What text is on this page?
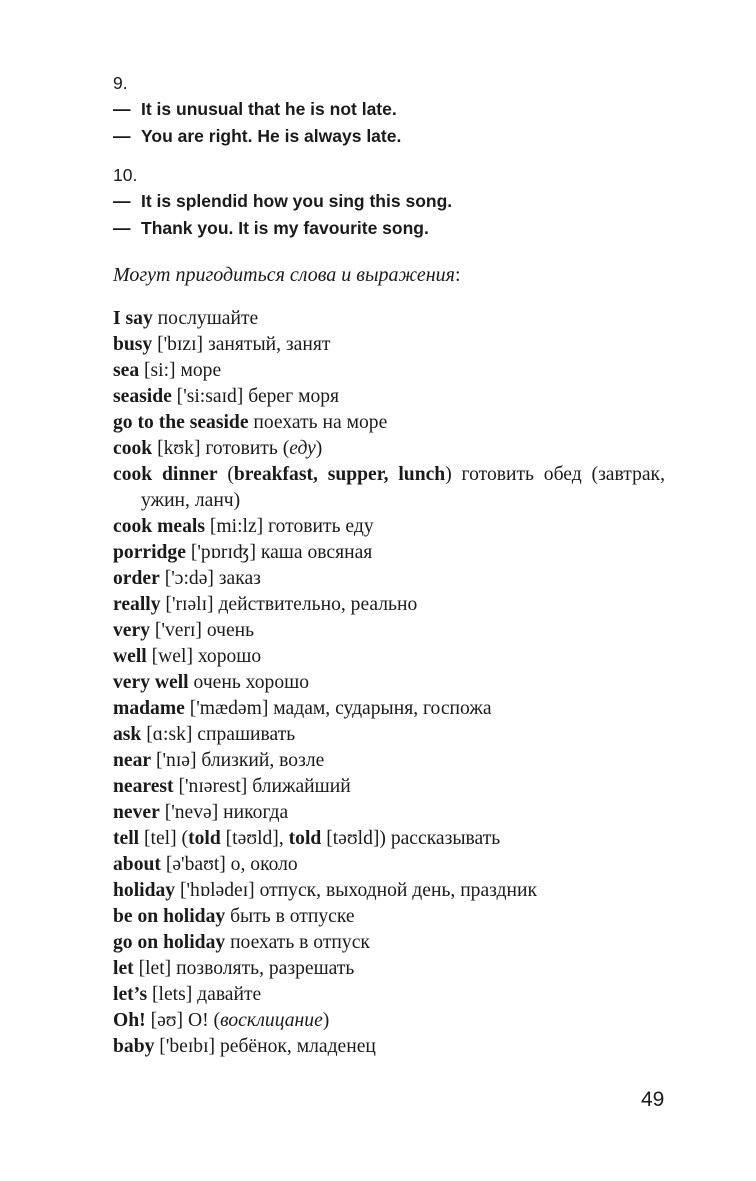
9.
— It is unusual that he is not late.
— You are right. He is always late.
10.
— It is splendid how you sing this song.
— Thank you. It is my favourite song.
Могут пригодиться слова и выражения:
I say послушайте
busy ['bɪzɪ] занятый, занят
sea [si:] море
seaside ['si:saɪd] берег моря
go to the seaside поехать на море
cook [kʊk] готовить (еду)
cook dinner (breakfast, supper, lunch) готовить обед (завтрак, ужин, ланч)
cook meals [mi:lz] готовить еду
porridge ['pɒrɪʤ] каша овсяная
order ['ɔ:də] заказ
really ['rɪəlɪ] действительно, реально
very ['verɪ] очень
well [wel] хорошо
very well очень хорошо
madame ['mædəm] мадам, сударыня, госпожа
ask [ɑ:sk] спрашивать
near ['nɪə] близкий, возле
nearest ['nɪərest] ближайший
never ['nevə] никогда
tell [tel] (told [təʊld], told [təʊld]) рассказывать
about [ə'baʊt] о, около
holiday ['hɒlədeɪ] отпуск, выходной день, праздник
be on holiday быть в отпуске
go on holiday поехать в отпуск
let [let] позволять, разрешать
let’s [lets] давайте
Oh! [əʊ] О! (восклицание)
baby ['beɪbɪ] ребёнок, младенец
49
